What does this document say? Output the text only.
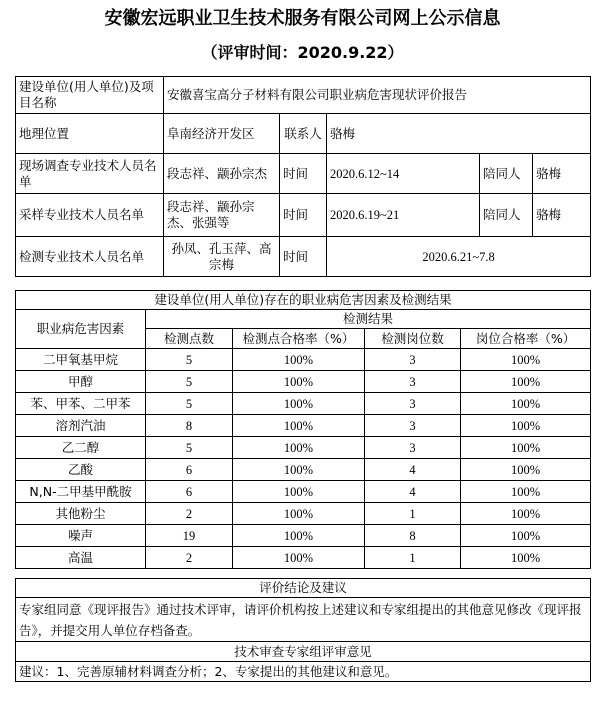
安徽宏远职业卫生技术服务有限公司网上公示信息
（评审时间：2020.9.22）
建设单位(用人单位)及项目名称	安徽喜宝高分子材料有限公司职业病危害现状评价报告				
地理位置	阜南经济开发区	联系人	骆梅		
现场调查专业技术人员名单	段志祥、颛孙宗杰	时间	2020.6.12~14	陪同人	骆梅
采样专业技术人员名单	段志祥、颛孙宗杰、张强等	时间	2020.6.19~21	陪同人	骆梅
检测专业技术人员名单	孙凤、孔玉萍、高宗梅	时间	2020.6.21~7.8		
建设单位(用人单位)存在的职业病危害因素及检测结果				
职业病危害因素	检测结果			
	检测点数	检测点合格率（%）	检测岗位数	岗位合格率（%）
二甲氧基甲烷	5	100%	3	100%
甲醇	5	100%	3	100%
苯、甲苯、二甲苯	5	100%	3	100%
溶剂汽油	8	100%	3	100%
乙二醇	5	100%	3	100%
乙酸	6	100%	4	100%
N,N-二甲基甲酰胺	6	100%	4	100%
其他粉尘	2	100%	1	100%
噪声	19	100%	8	100%
高温	2	100%	1	100%
评价结论及建议
专家组同意《现评报告》通过技术评审，请评价机构按上述建议和专家组提出的其他意见修改《现评报告》，并提交用人单位存档备查。
技术审查专家组评审意见
建议：1、完善原辅材料调查分析；2、专家提出的其他建议和意见。
